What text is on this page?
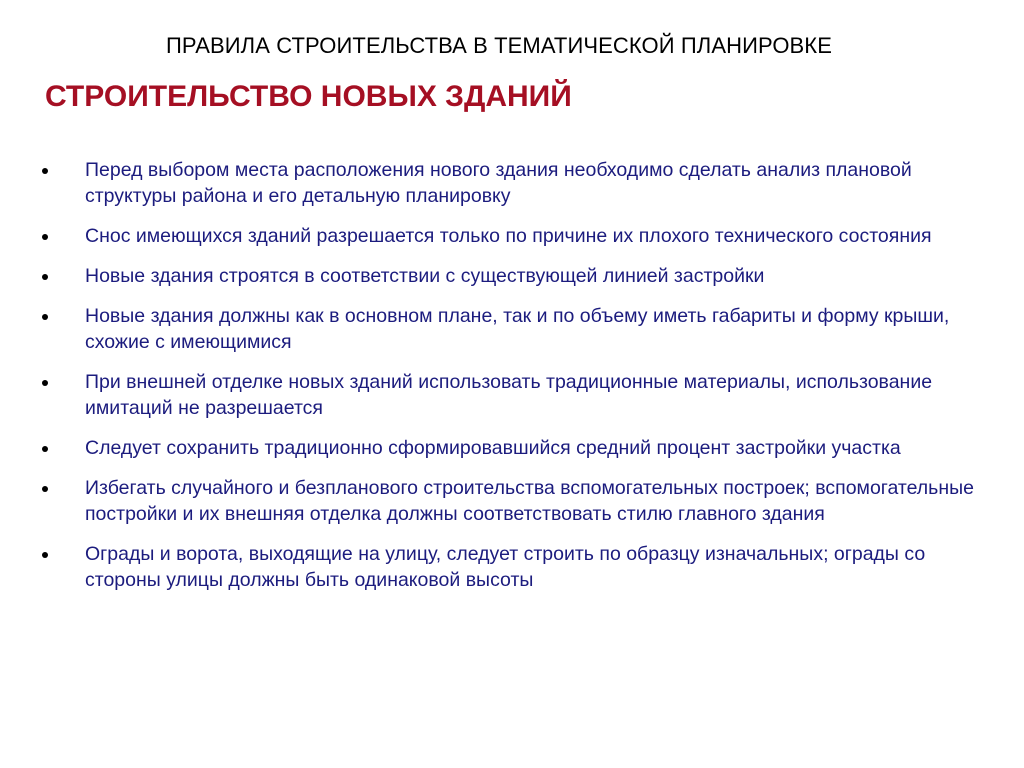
ПРАВИЛА СТРОИТЕЛЬСТВА В ТЕМАТИЧЕСКОЙ ПЛАНИРОВКЕ
СТРОИТЕЛЬСТВО НОВЫХ ЗДАНИЙ
Перед выбором места расположения нового здания необходимо сделать анализ плановой структуры района и его детальную планировку
Снос имеющихся зданий разрешается только по причине их плохого технического состояния
Новые здания строятся в соответствии с существующей линией застройки
Новые здания должны как в основном плане, так и по объему иметь габариты и форму крыши, схожие с имеющимися
При внешней отделке новых зданий использовать традиционные материалы, использование имитаций не разрешается
Следует сохранить традиционно сформировавшийся средний процент застройки участка
Избегать случайного и безпланового строительства вспомогательных построек; вспомогательные постройки и их внешняя отделка должны соответствовать стилю главного здания
Ограды и ворота, выходящие на улицу, следует строить по образцу изначальных; ограды со стороны улицы должны быть одинаковой высоты
